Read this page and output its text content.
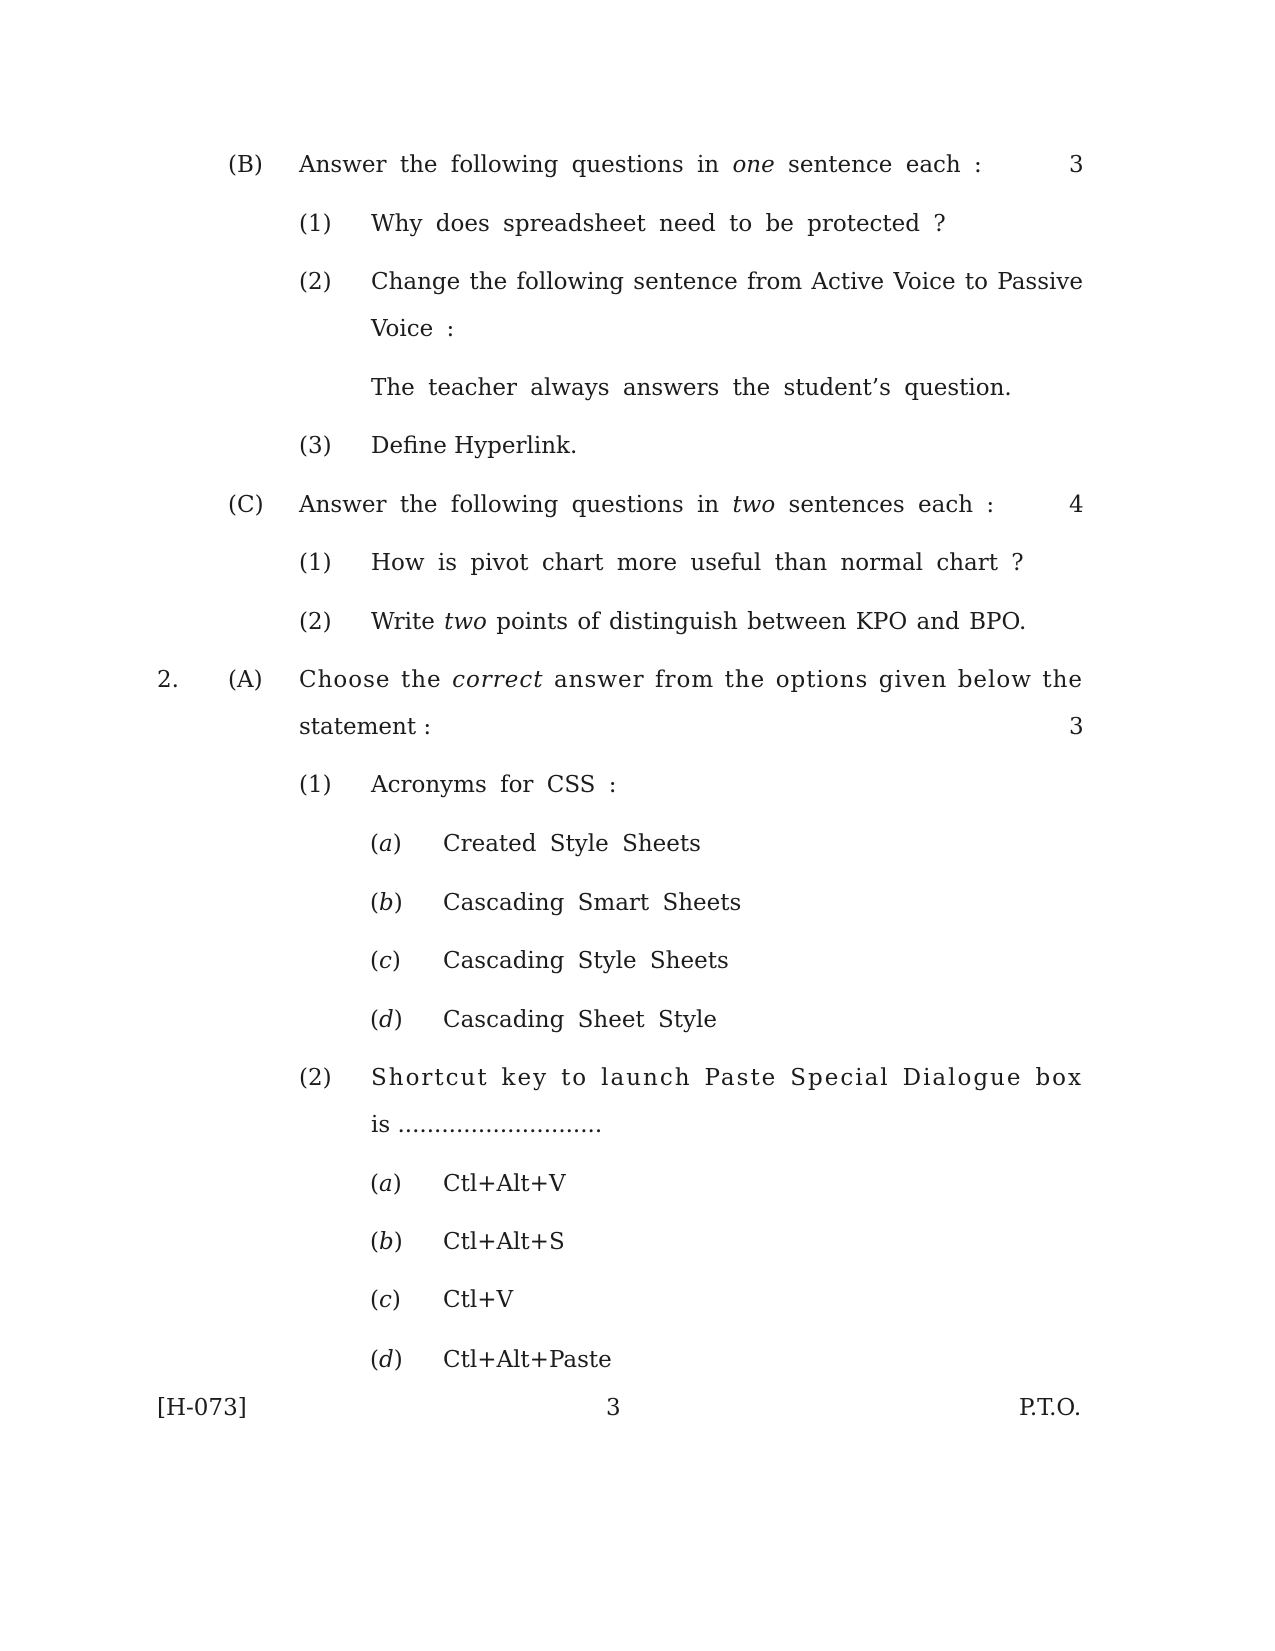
(B) Answer the following questions in one sentence each :	3
(1) Why does spreadsheet need to be protected ?
(2) Change the following sentence from Active Voice to Passive
Voice :
The teacher always answers the student’s question.
(3) Define Hyperlink.
(C) Answer the following questions in two sentences each :	4
(1) How is pivot chart more useful than normal chart ?
(2) Write two points of distinguish between KPO and BPO.
2. (A) Choose the correct answer from the options given below the
statement :	3
(1) Acronyms for CSS :
(a) Created Style Sheets
(b) Cascading Smart Sheets
(c) Cascading Style Sheets
(d) Cascading Sheet Style
(2) Shortcut key to launch Paste Special Dialogue box
is ............................
(a) Ctl+Alt+V
(b) Ctl+Alt+S
(c) Ctl+V
(d) Ctl+Alt+Paste
[H-073]	3	P.T.O.
